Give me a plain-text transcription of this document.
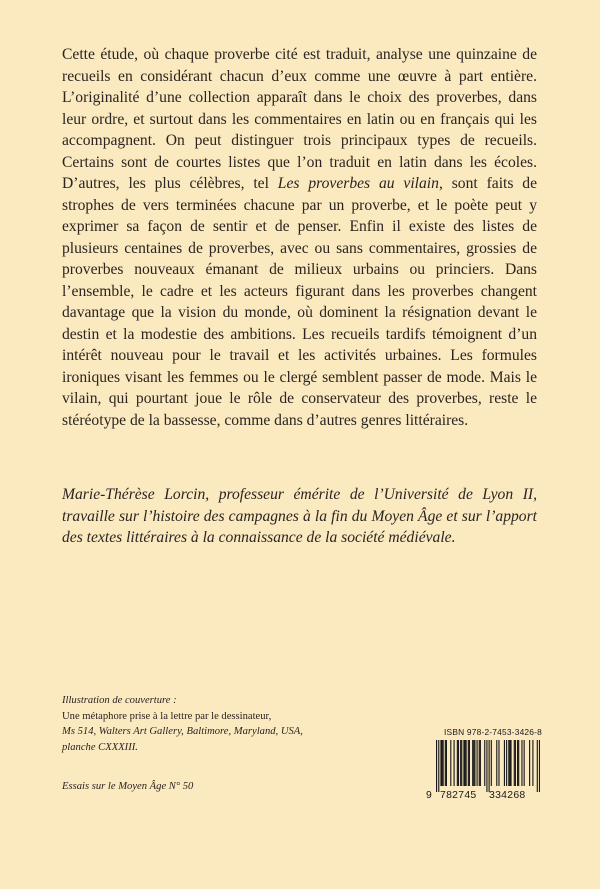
Cette étude, où chaque proverbe cité est traduit, analyse une quinzaine de recueils en considérant chacun d’eux comme une œuvre à part entière. L’originalité d’une collection apparaît dans le choix des proverbes, dans leur ordre, et surtout dans les commentaires en latin ou en français qui les accompagnent. On peut distinguer trois principaux types de recueils. Certains sont de courtes listes que l’on traduit en latin dans les écoles. D’autres, les plus célèbres, tel Les proverbes au vilain, sont faits de strophes de vers terminées chacune par un proverbe, et le poète peut y exprimer sa façon de sentir et de penser. Enfin il existe des listes de plusieurs centaines de proverbes, avec ou sans commentaires, grossies de proverbes nouveaux émanant de milieux urbains ou princiers. Dans l’ensemble, le cadre et les acteurs figurant dans les proverbes changent davantage que la vision du monde, où dominent la résignation devant le destin et la modestie des ambitions. Les recueils tardifs témoignent d’un intérêt nouveau pour le travail et les activités urbaines. Les formules ironiques visant les femmes ou le clergé semblent passer de mode. Mais le vilain, qui pourtant joue le rôle de conservateur des proverbes, reste le stéréotype de la bassesse, comme dans d’autres genres littéraires.

Marie-Thérèse Lorcin, professeur émérite de l’Université de Lyon II, travaille sur l’histoire des campagnes à la fin du Moyen Âge et sur l’apport des textes littéraires à la connaissance de la société médiévale.

Illustration de couverture :
Une métaphore prise à la lettre par le dessinateur,
Ms 514, Walters Art Gallery, Baltimore, Maryland, USA,
planche CXXXIII.
Essais sur le Moyen Âge N° 50
ISBN 978-2-7453-3426-8
9 782745 334268
